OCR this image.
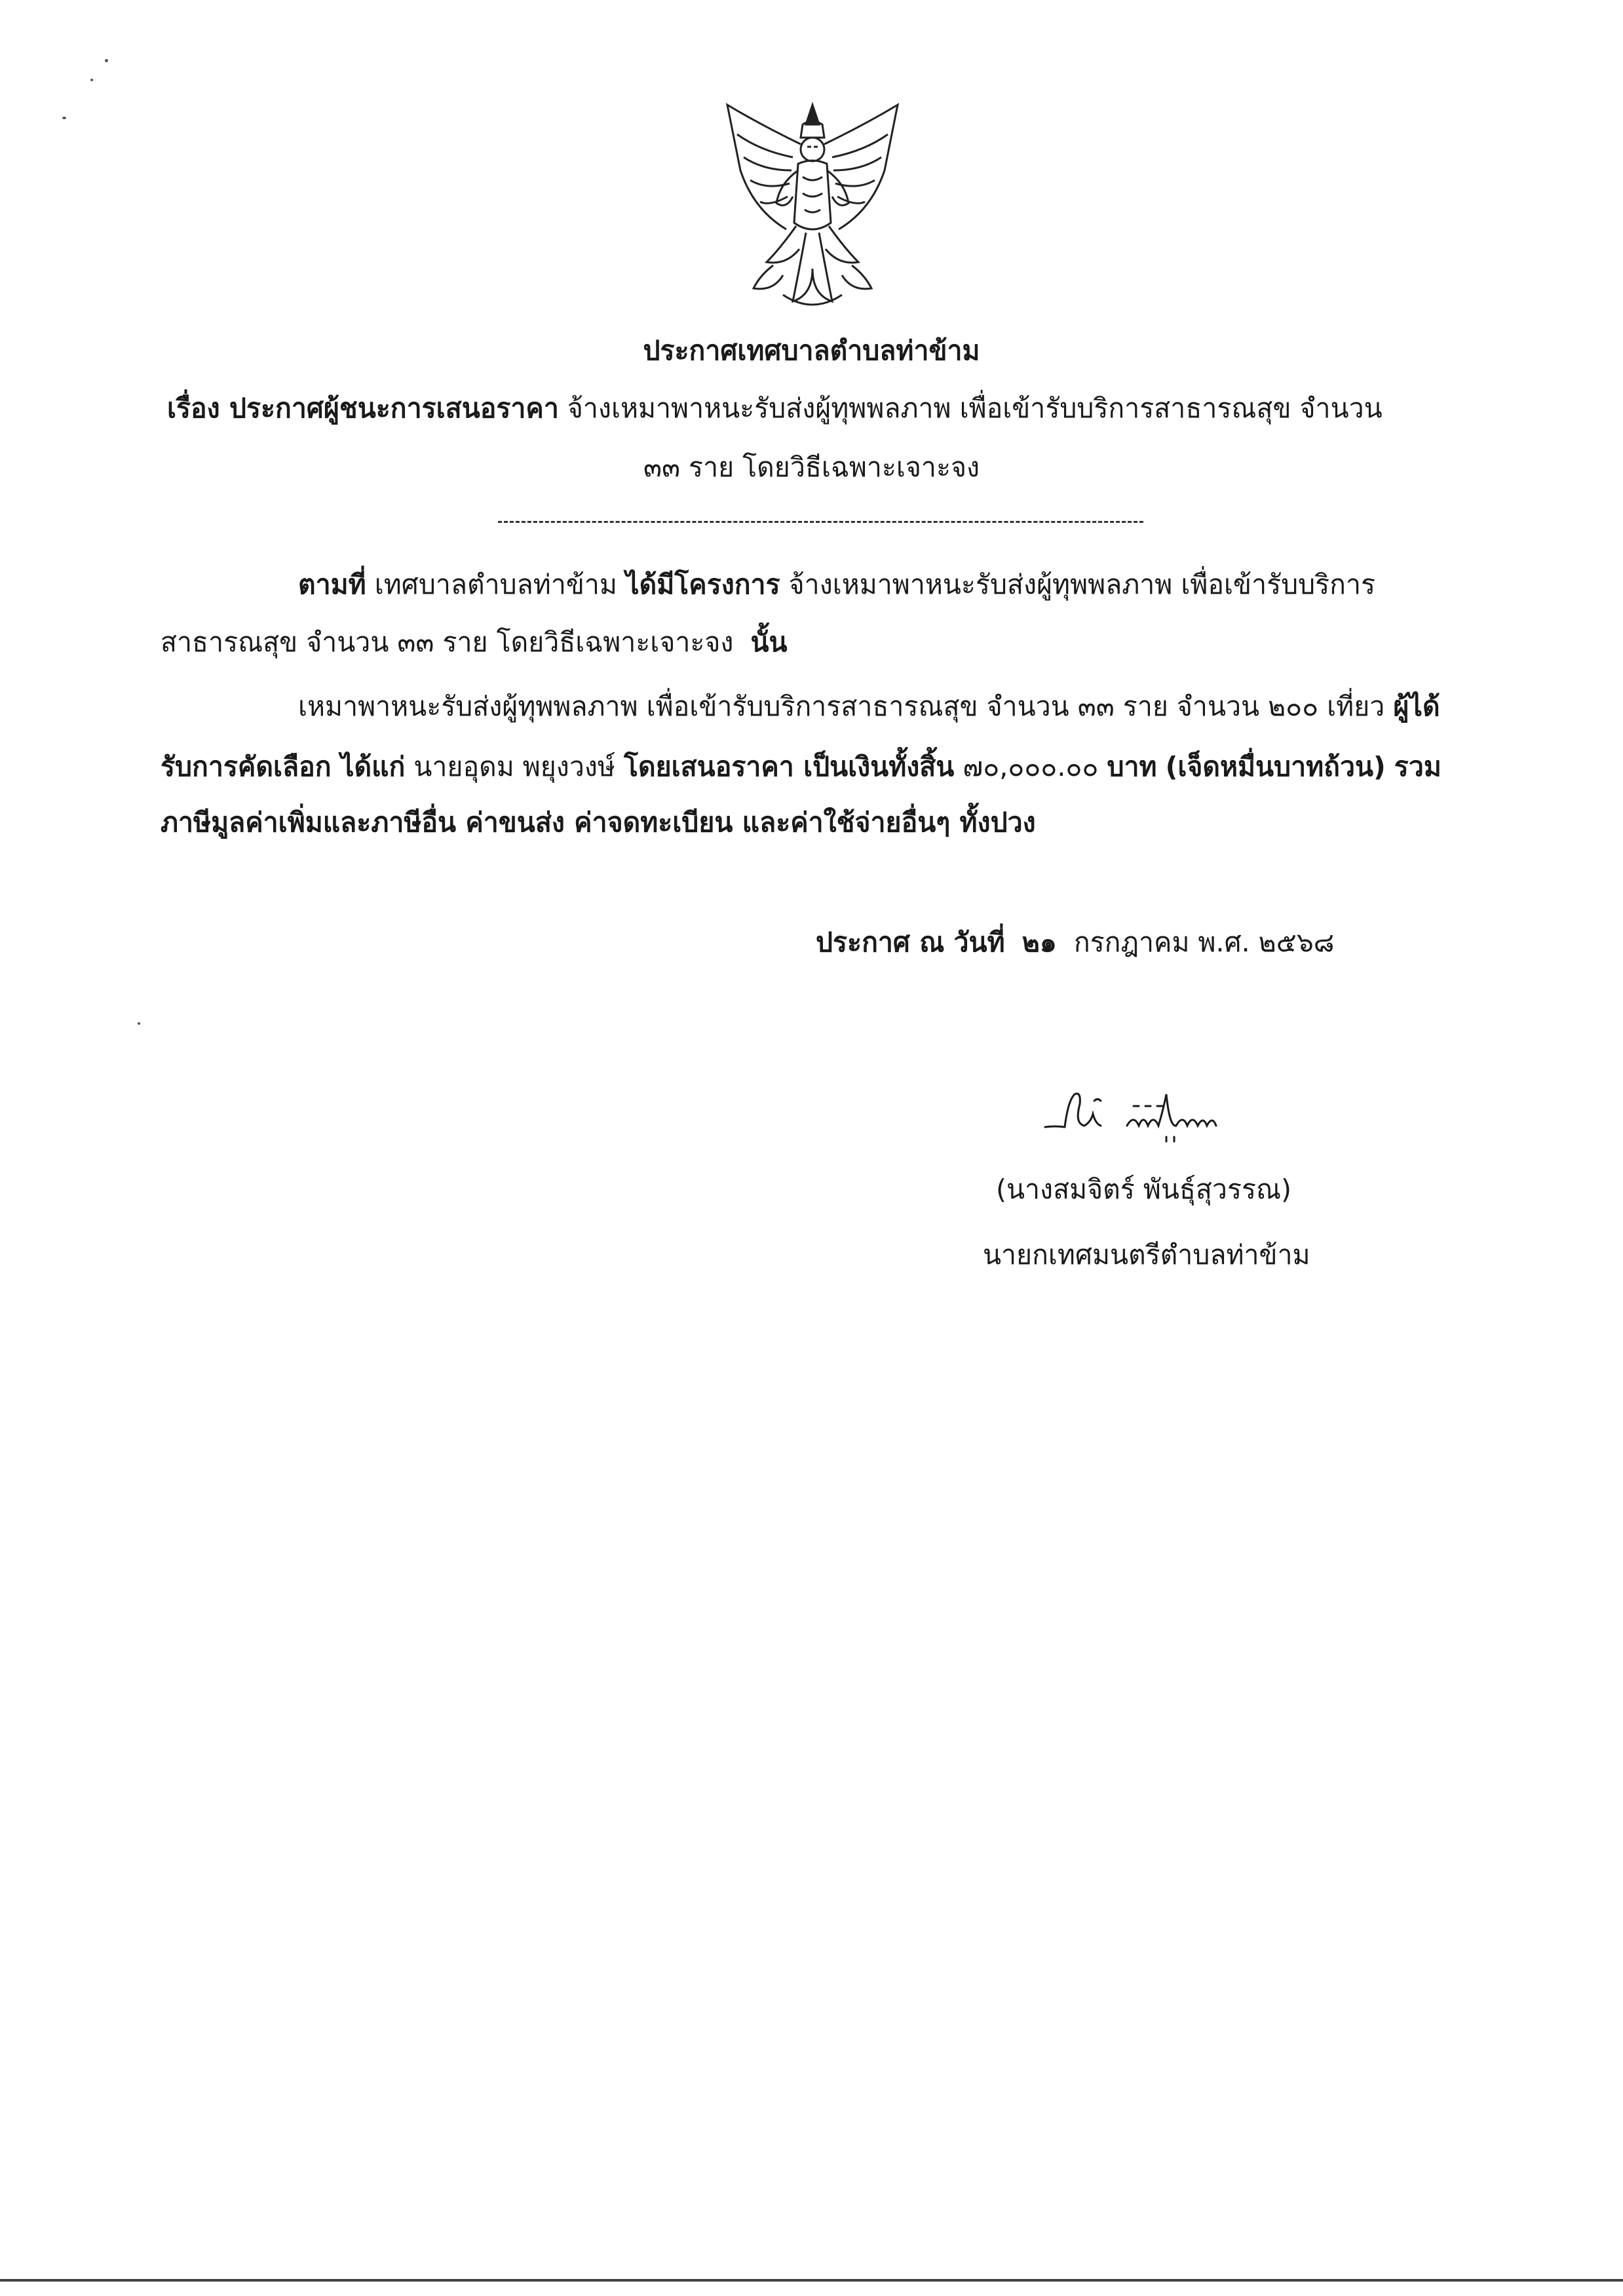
ประกาศเทศบาลตำบลท่าข้าม
เรื่อง ประกาศผู้ชนะการเสนอราคา จ้างเหมาพาหนะรับส่งผู้ทุพพลภาพ เพื่อเข้ารับบริการสาธารณสุข จำนวน
๓๓ ราย โดยวิธีเฉพาะเจาะจง
ตามที่ เทศบาลตำบลท่าข้าม ได้มีโครงการ จ้างเหมาพาหนะรับส่งผู้ทุพพลภาพ เพื่อเข้ารับบริการ
สาธารณสุข จำนวน ๓๓ ราย โดยวิธีเฉพาะเจาะจง นั้น
เหมาพาหนะรับส่งผู้ทุพพลภาพ เพื่อเข้ารับบริการสาธารณสุข จำนวน ๓๓ ราย จำนวน ๒๐๐ เที่ยว ผู้ได้
รับการคัดเลือก ได้แก่ นายอุดม พยุงวงษ์ โดยเสนอราคา เป็นเงินทั้งสิ้น ๗๐,๐๐๐.๐๐ บาท (เจ็ดหมื่นบาทถ้วน) รวม
ภาษีมูลค่าเพิ่มและภาษีอื่น ค่าขนส่ง ค่าจดทะเบียน และค่าใช้จ่ายอื่นๆ ทั้งปวง
ประกาศ ณ วันที่ ๒๑ กรกฎาคม พ.ศ. ๒๕๖๘
(นางสมจิตร์ พันธุ์สุวรรณ)
นายกเทศมนตรีตำบลท่าข้าม
